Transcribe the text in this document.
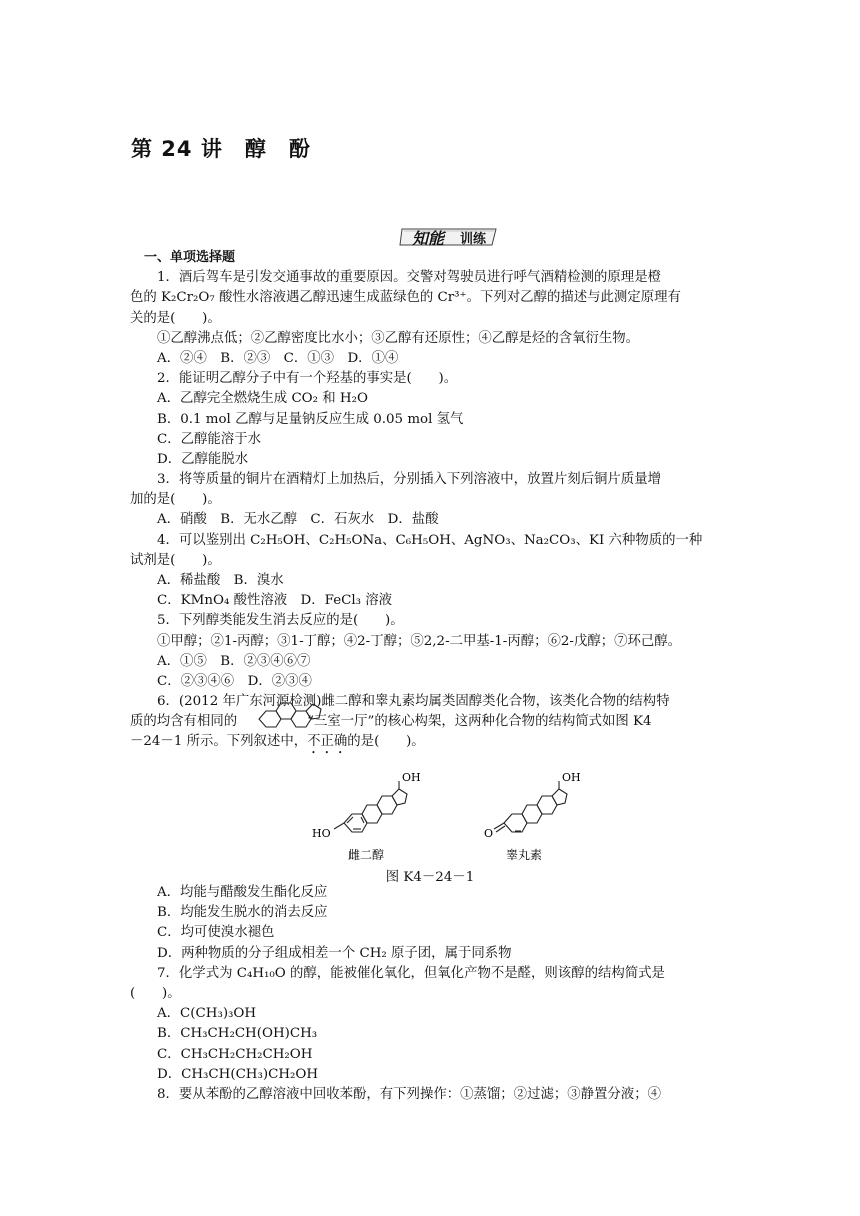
第 24 讲　醇　酚
知能 训练
一、单项选择题
1．酒后驾车是引发交通事故的重要原因。交警对驾驶员进行呼气酒精检测的原理是橙
色的 K₂Cr₂O₇ 酸性水溶液遇乙醇迅速生成蓝绿色的 Cr³⁺。下列对乙醇的描述与此测定原理有
关的是(　　)。
①乙醇沸点低；②乙醇密度比水小；③乙醇有还原性；④乙醇是烃的含氧衍生物。
A．②④　B．②③　C．①③　D．①④
2．能证明乙醇分子中有一个羟基的事实是(　　)。
A．乙醇完全燃烧生成 CO₂ 和 H₂O
B．0.1 mol 乙醇与足量钠反应生成 0.05 mol 氢气
C．乙醇能溶于水
D．乙醇能脱水
3．将等质量的铜片在酒精灯上加热后，分别插入下列溶液中，放置片刻后铜片质量增
加的是(　　)。
A．硝酸　B．无水乙醇　C．石灰水　D．盐酸
4．可以鉴别出 C₂H₅OH、C₂H₅ONa、C₆H₅OH、AgNO₃、Na₂CO₃、KI 六种物质的一种
试剂是(　　)。
A．稀盐酸　B．溴水
C．KMnO₄ 酸性溶液　D．FeCl₃ 溶液
5．下列醇类能发生消去反应的是(　　)。
①甲醇；②1-丙醇；③1-丁醇；④2-丁醇；⑤2,2-二甲基-1-丙醇；⑥2-戊醇；⑦环己醇。
A．①⑤　B．②③④⑥⑦
C．②③④⑥　D．②③④
6．(2012 年广东河源检测)雌二醇和睾丸素均属类固醇类化合物，该类化合物的结构特
质的均含有相同的	“三室一厅”的核心构架，这两种化合物的结构简式如图 K4
－24－1 所示。下列叙述中，不正确的是(　　)。
OH
HO
OH
O
雌二醇	睾丸素
图 K4－24－1
A．均能与醋酸发生酯化反应
B．均能发生脱水的消去反应
C．均可使溴水褪色
D．两种物质的分子组成相差一个 CH₂ 原子团，属于同系物
7．化学式为 C₄H₁₀O 的醇，能被催化氧化，但氧化产物不是醛，则该醇的结构简式是
(　　)。
A．C(CH₃)₃OH
B．CH₃CH₂CH(OH)CH₃
C．CH₃CH₂CH₂CH₂OH
D．CH₃CH(CH₃)CH₂OH
8．要从苯酚的乙醇溶液中回收苯酚，有下列操作：①蒸馏；②过滤；③静置分液；④
